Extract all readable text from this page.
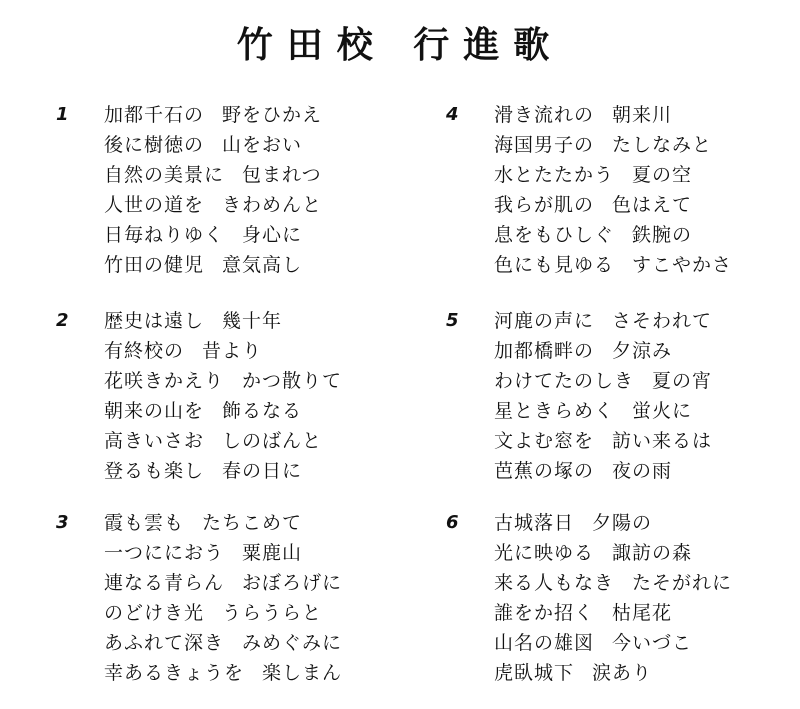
竹田校 行進歌
1 加都千石の 野をひかえ
後に樹徳の 山をおい
自然の美景に 包まれつ
人世の道を きわめんと
日毎ねりゆく 身心に
竹田の健児 意気高し
2 歴史は遠し 幾十年
有終校の 昔より
花咲きかえり かつ散りて
朝来の山を 飾るなる
高きいさお しのばんと
登るも楽し 春の日に
3 霞も雲も たちこめて
一つににおう 粟鹿山
連なる青らん おぼろげに
のどけき光 うらうらと
あふれて深き みめぐみに
幸あるきょうを 楽しまん
4 滑き流れの 朝来川
海国男子の たしなみと
水とたたかう 夏の空
我らが肌の 色はえて
息をもひしぐ 鉄腕の
色にも見ゆる すこやかさ
5 河鹿の声に さそわれて
加都橋畔の 夕涼み
わけてたのしき 夏の宵
星ときらめく 蛍火に
文よむ窓を 訪い来るは
芭蕉の塚の 夜の雨
6 古城落日 夕陽の
光に映ゆる 諏訪の森
来る人もなき たそがれに
誰をか招く 枯尾花
山名の雄図 今いづこ
虎臥城下 涙あり
